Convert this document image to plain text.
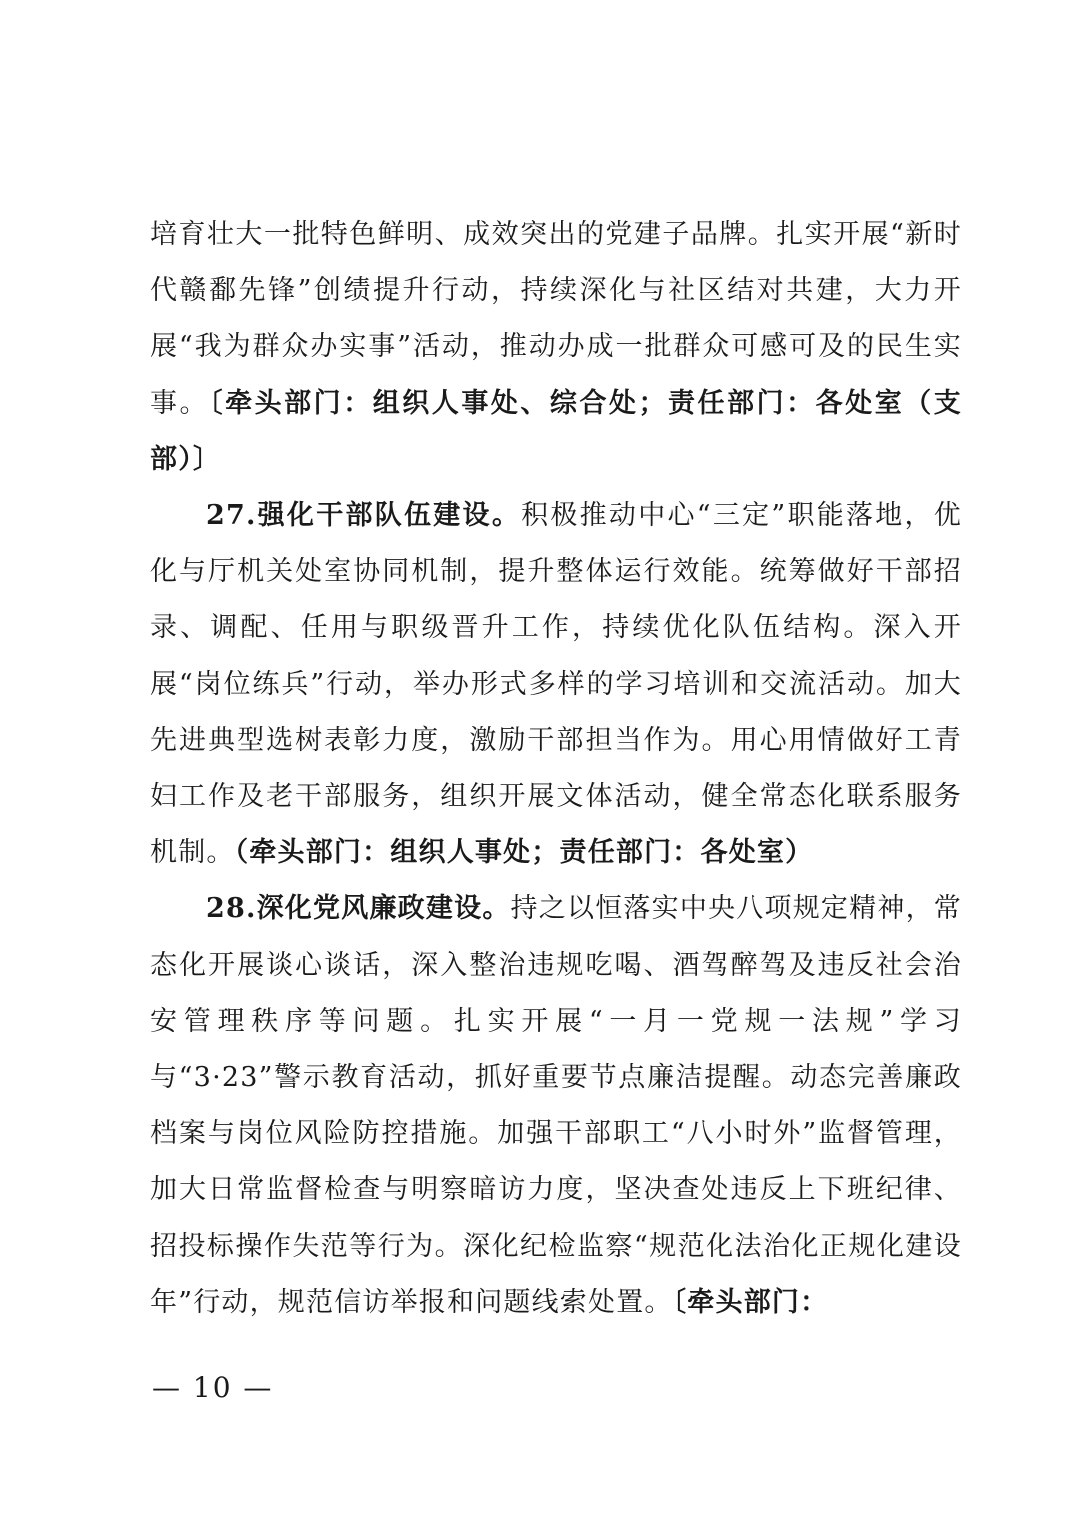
培育壮大一批特色鲜明、成效突出的党建子品牌。扎实开展“新时代赣鄱先锋”创绩提升行动，持续深化与社区结对共建，大力开展“我为群众办实事”活动，推动办成一批群众可感可及的民生实事。〔牵头部门：组织人事处、综合处；责任部门：各处室（支部）〕

27.强化干部队伍建设。积极推动中心“三定”职能落地，优化与厅机关处室协同机制，提升整体运行效能。统筹做好干部招录、调配、任用与职级晋升工作，持续优化队伍结构。深入开展“岗位练兵”行动，举办形式多样的学习培训和交流活动。加大先进典型选树表彰力度，激励干部担当作为。用心用情做好工青妇工作及老干部服务，组织开展文体活动，健全常态化联系服务机制。（牵头部门：组织人事处；责任部门：各处室）

28.深化党风廉政建设。持之以恒落实中央八项规定精神，常态化开展谈心谈话，深入整治违规吃喝、酒驾醉驾及违反社会治安管理秩序等问题。扎实开展“一月一党规一法规”学习与“3·23”警示教育活动，抓好重要节点廉洁提醒。动态完善廉政档案与岗位风险防控措施。加强干部职工“八小时外”监督管理，加大日常监督检查与明察暗访力度，坚决查处违反上下班纪律、招投标操作失范等行为。深化纪检监察“规范化法治化正规化建设年”行动，规范信访举报和问题线索处置。〔牵头部门：

— 10 —
